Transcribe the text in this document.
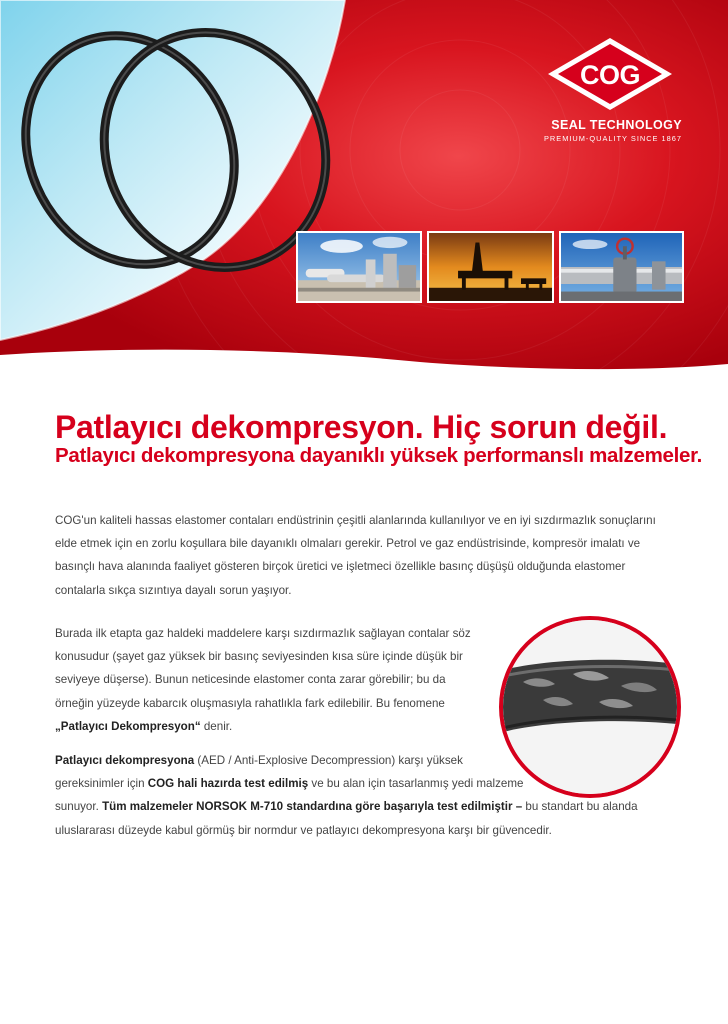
COG
SEAL TECHNOLOGY
PREMIUM-QUALITY SINCE 1867
Patlayıcı dekompresyon. Hiç sorun değil.
Patlayıcı dekompresyona dayanıklı yüksek performanslı malzemeler.
COG'un kaliteli hassas elastomer contaları endüstrinin çeşitli alanlarında kullanılıyor ve en iyi sızdırmazlık sonuçlarını
elde etmek için en zorlu koşullara bile dayanıklı olmaları gerekir. Petrol ve gaz endüstrisinde, kompresör imalatı ve
basınçlı hava alanında faaliyet gösteren birçok üretici ve işletmeci özellikle basınç düşüşü olduğunda elastomer
contalarla sıkça sızıntıya dayalı sorun yaşıyor.
Burada ilk etapta gaz haldeki maddelere karşı sızdırmazlık sağlayan contalar söz
konusudur (şayet gaz yüksek bir basınç seviyesinden kısa süre içinde düşük bir
seviyeye düşerse). Bunun neticesinde elastomer conta zarar görebilir; bu da
örneğin yüzeyde kabarcık oluşmasıyla rahatlıkla fark edilebilir. Bu fenomene
„Patlayıcı Dekompresyon“ denir.
Patlayıcı dekompresyona (AED / Anti-Explosive Decompression) karşı yüksek
gereksinimler için COG hali hazırda test edilmiş ve bu alan için tasarlanmış yedi malzeme
sunuyor. Tüm malzemeler NORSOK M-710 standardına göre başarıyla test edilmiştir – bu standart bu alanda
uluslararası düzeyde kabul görmüş bir normdur ve patlayıcı dekompresyona karşı bir güvencedir.
